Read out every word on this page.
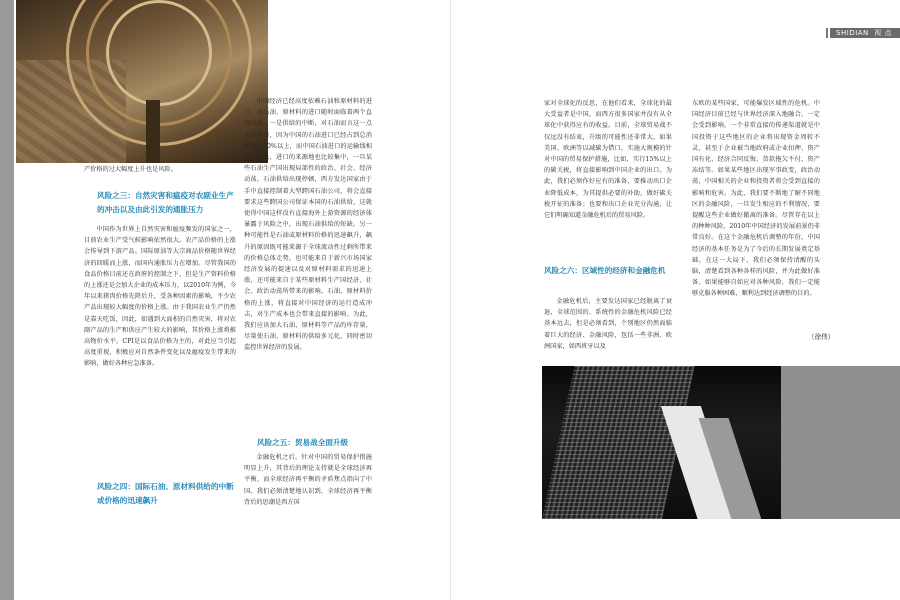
SHIDIAN 视 点

产价格的过大幅度上升也是风险。

风险之三：自然灾害和瘟疫对农副业生产的冲击以及由此引发的通胀压力

中国作为世界上自然灾害和瘟疫频发的国家之一，目前农业生产受气候影响依然很大。农产品价格的上涨会传导到下游产品。国际原油等大宗商品价格随世界经济的回暖而上涨，而国内通胀压力在增加。尽管我国的食品价格目前还在政府的控制之下，但是生产资料价格的上涨还是会加大企业的成本压力，以2010年为例，今年以来猪肉价格先降后升，受各种因素的影响，不少农产品出现较大幅度的价格上涨。由于我国农业生产仍然是靠天吃饭，因此，如遇到大面积的自然灾害，将对农副产品的生产和供应产生较大的影响，其价格上涨将推高物价水平。CPI是以食品价格为主的，对此应当引起高度重视，积极应对自然条件变化以及瘟疫发生带来的影响，做好各种应急准备。

风险之四：国际石油、原材料供给的中断或价格的迅速飙升

中国经济已经高度依赖石油和原材料的进口，而石油、原材料的进口随时面临着两个直接风险。一是供给的中断，对石油而言这一点尤其明显，因为中国的石油进口已经占到总消费量的50%以上，而中国石油进口的运输线相对比较长，进口的来源地也比较集中，一旦某些石油生产国出现局部性的政治、社会、经济动荡，石油供给出现停顿，西方发达国家由于手中直接控制着大型跨国石油公司，将会直接要求这些跨国公司保证本国的石油供给，这就使得中国这样没有直接海外上游资源的经济体暴露于风险之中，出现石油供给的短缺。另一种可能性是石油或原材料价格的迅速飙升，飙升的原因既可能来源于全球流动性过剩所带来的价格总体走势，也可能来自于新兴市场国家经济发展的提速以及对原材料需求的迅速上涨，还可能来自于某些原材料生产国经济、社会、政治动荡所带来的影响。石油、原材料价格的上涨，将直接对中国经济的运行造成冲击，对生产成本也会带来直接的影响。为此，我们应该加大石油、原材料等产品的库存量，尽量使石油、原材料的供给多元化，同时密切监控世界经济的发展。

风险之五：贸易战全面升级

金融危机之后，针对中国的贸易保护措施明显上升，其背后的理论支持就是全球经济再平衡，而全球经济再平衡的矛盾焦点指向了中国。我们必须清楚地认识到，全球经济再平衡背后的思潮是西方国

家对全球化的反思，在他们看来，全球化的最大受益者是中国，而西方很多国家并没有从全球化中获得应有的收益。目前，全球贸易战不仅远没有结束，升级的可能性还非常大，如果美国、欧洲等以减碳为借口，实施大规模的针对中国的贸易保护措施，比如，实行15%以上的碳关税，将直接影响到中国企业的出口。为此，我们必须作好应有的准备，要推动出口企业降低成本，为其提供必要的补助，做好碳关税开征的准备；也要和出口企业充分沟通，让它们明确知道金融危机后的贸易风险。

风险之六：区域性的经济和金融危机

金融危机后，主要发达国家已经脱离了衰退，全球范围的、系统性的金融危机风险已经基本远去，但是必须看到，个别地区仍然面临着巨大的经济、金融风险，包括一些非洲、欧洲国家，如西班牙以及

东欧的某些国家，可能爆发区域性的危机。中国经济目前已经与世界经济深入地融合，一定会受到影响。一个非常直接的传递渠道就是中国投资于这些地区的企业将出现资金周转不灵、甚至于企业被当地政府或企业扣押、资产国有化、经济合同反悔、货款拖欠不付、资产冻结等。如果某些地区出现军事政变，政治动荡，中国相关的企业和投资者将会受到直接的影响和危害。为此，我们要不断地了解不同地区的金融风险，一旦发生相应的不利情况，要提醒这些企业做好撤离的准备。尽管存在以上的种种风险，2010年中国经济的发展前景仍非常良好。在这个金融危机后调整的年份，中国经济的基本任务是为了今后的长期发展奠定基础。在这一大局下，我们必须保持清醒的头脑，清楚看到各种各样的风险，并为此做好准备。如果能够自如应对各种风险，我们一定能够克服各种困难，顺利达到经济调整的目的。

（徐伟）
